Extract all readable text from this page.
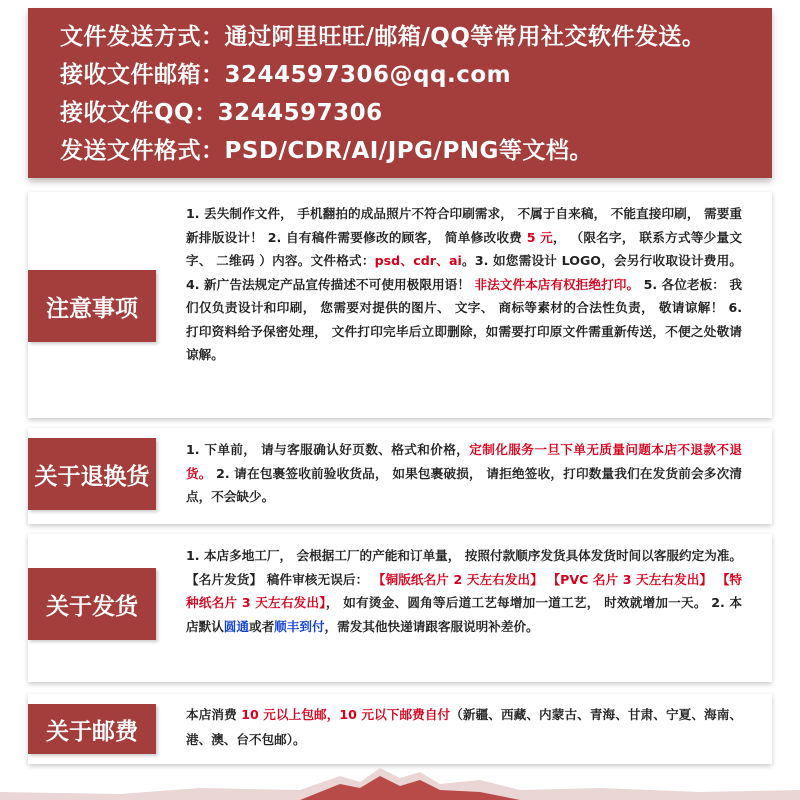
文件发送方式：通过阿里旺旺/邮箱/QQ等常用社交软件发送。
接收文件邮箱：3244597306@qq.com
接收文件QQ：3244597306
发送文件格式：PSD/CDR/AI/JPG/PNG等文档。
注意事项
1. 丢失制作文件， 手机翻拍的成品照片不符合印刷需求， 不属于自来稿， 不能直接印刷， 需要重新排版设计！ 2. 自有稿件需要修改的顾客， 简单修改收费 5 元， （限名字， 联系方式等少量文字、 二维码 ）内容。文件格式：psd、cdr、ai。3. 如您需设计 LOGO，会另行收取设计费用。 4. 新广告法规定产品宣传描述不可使用极限用语！ 非法文件本店有权拒绝打印。 5. 各位老板： 我们仅负责设计和印刷， 您需要对提供的图片、 文字、 商标等素材的合法性负责， 敬请谅解！ 6. 打印资料给予保密处理， 文件打印完毕后立即删除，如需要打印原文件需重新传送，不便之处敬请谅解。
关于退换货
1. 下单前， 请与客服确认好页数、格式和价格，定制化服务一旦下单无质量问题本店不退款不退货。 2. 请在包裹签收前验收货品， 如果包裹破损， 请拒绝签收，打印数量我们在发货前会多次清点，不会缺少。
关于发货
1. 本店多地工厂， 会根据工厂的产能和订单量， 按照付款顺序发货具体发货时间以客服约定为准。 【名片发货】 稿件审核无误后： 【铜版纸名片 2 天左右发出】 【PVC 名片 3 天左右发出】 【特种纸名片 3 天左右发出】， 如有烫金、圆角等后道工艺每增加一道工艺， 时效就增加一天。 2. 本店默认圆通或者顺丰到付，需发其他快递请跟客服说明补差价。
关于邮费
本店消费 10 元以上包邮，10 元以下邮费自付（新疆、西藏、内蒙古、青海、甘肃、宁夏、海南、港、澳、台不包邮）。
